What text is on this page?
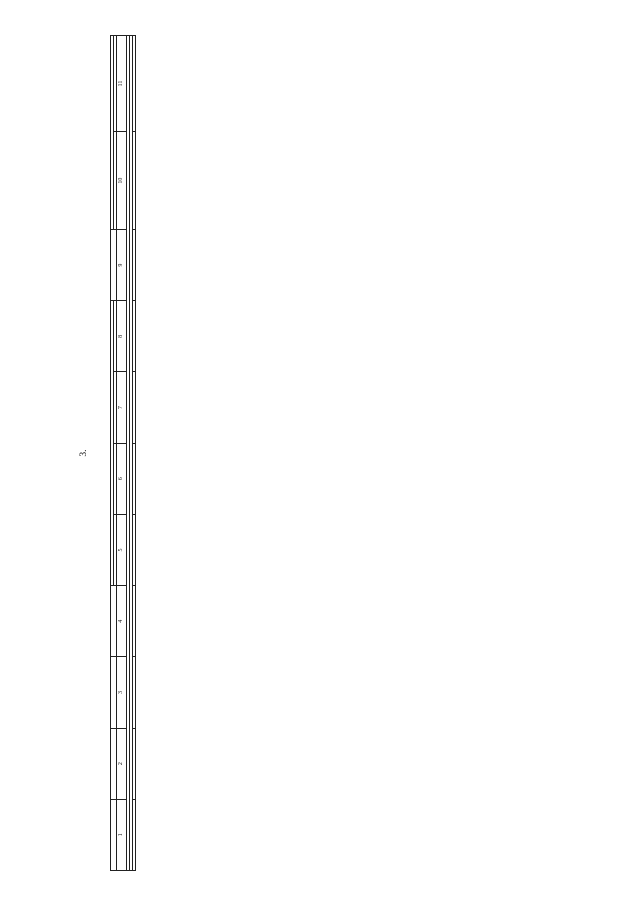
3.

1	2	3	4	5	6	7	8	9	10	11
